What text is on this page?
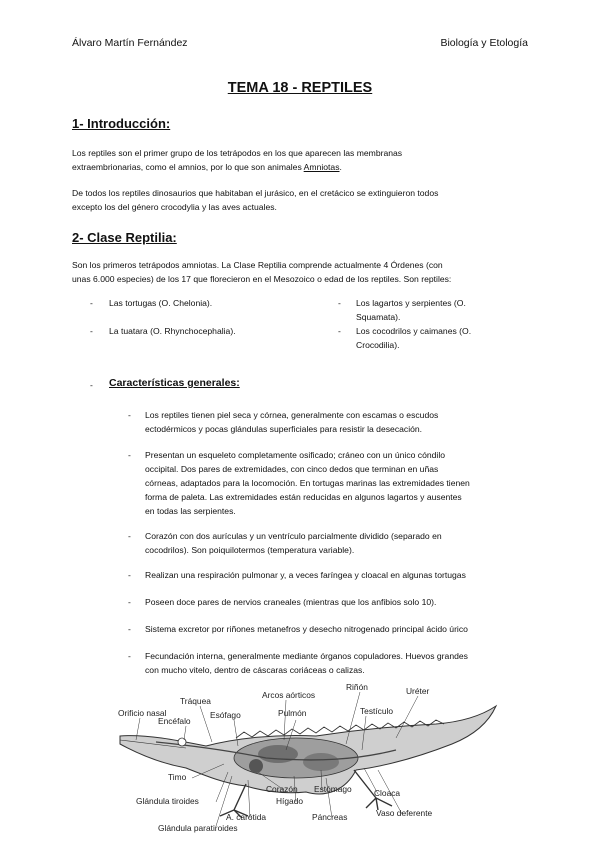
Álvaro Martín Fernández	Biología y Etología
TEMA 18 - REPTILES
1- Introducción:
Los reptiles son el primer grupo de los tetrápodos en los que aparecen las membranas
extraembrionarias, como el amnios, por lo que son animales Amniotas.
De todos los reptiles dinosaurios que habitaban el jurásico, en el cretácico se extinguieron todos
excepto los del género crocodylia y las aves actuales.
2- Clase Reptilia:
Son los primeros tetrápodos amniotas. La Clase Reptilia comprende actualmente 4 Órdenes (con
unas 6.000 especies) de los 17 que florecieron en el Mesozoico o edad de los reptiles. Son reptiles:
- Las tortugas (O. Chelonia).
- La tuatara (O. Rhynchocephalia).
- Los lagartos y serpientes (O.
Squamata).
- Los cocodrilos y caimanes (O.
Crocodilia).
- Características generales:
- Los reptiles tienen piel seca y córnea, generalmente con escamas o escudos
ectodérmicos y pocas glándulas superficiales para resistir la desecación.
- Presentan un esqueleto completamente osificado; cráneo con un único cóndilo
occipital. Dos pares de extremidades, con cinco dedos que terminan en uñas
córneas, adaptados para la locomoción. En tortugas marinas las extremidades tienen
forma de paleta. Las extremidades están reducidas en algunos lagartos y ausentes
en todas las serpientes.
- Corazón con dos aurículas y un ventrículo parcialmente dividido (separado en
cocodrilos). Son poiquilotermos (temperatura variable).
- Realizan una respiración pulmonar y, a veces faríngea y cloacal en algunas tortugas
- Poseen doce pares de nervios craneales (mientras que los anfibios solo 10).
- Sistema excretor por riñones metanefros y desecho nitrogenado principal ácido úrico
- Fecundación interna, generalmente mediante órganos copuladores. Huevos grandes
con mucho vitelo, dentro de cáscaras coriáceas o calizas.
Tráquea
Arcos aórticos
Riñón	Uréter
Orificio nasal	Esófago	Pulmón	Testículo
Encéfalo
Timo
Glándula tiroides
Corazón Estómago	Cloaca
Hígado
Vaso deferente
A. carótida	Páncreas
Glándula paratiroides
